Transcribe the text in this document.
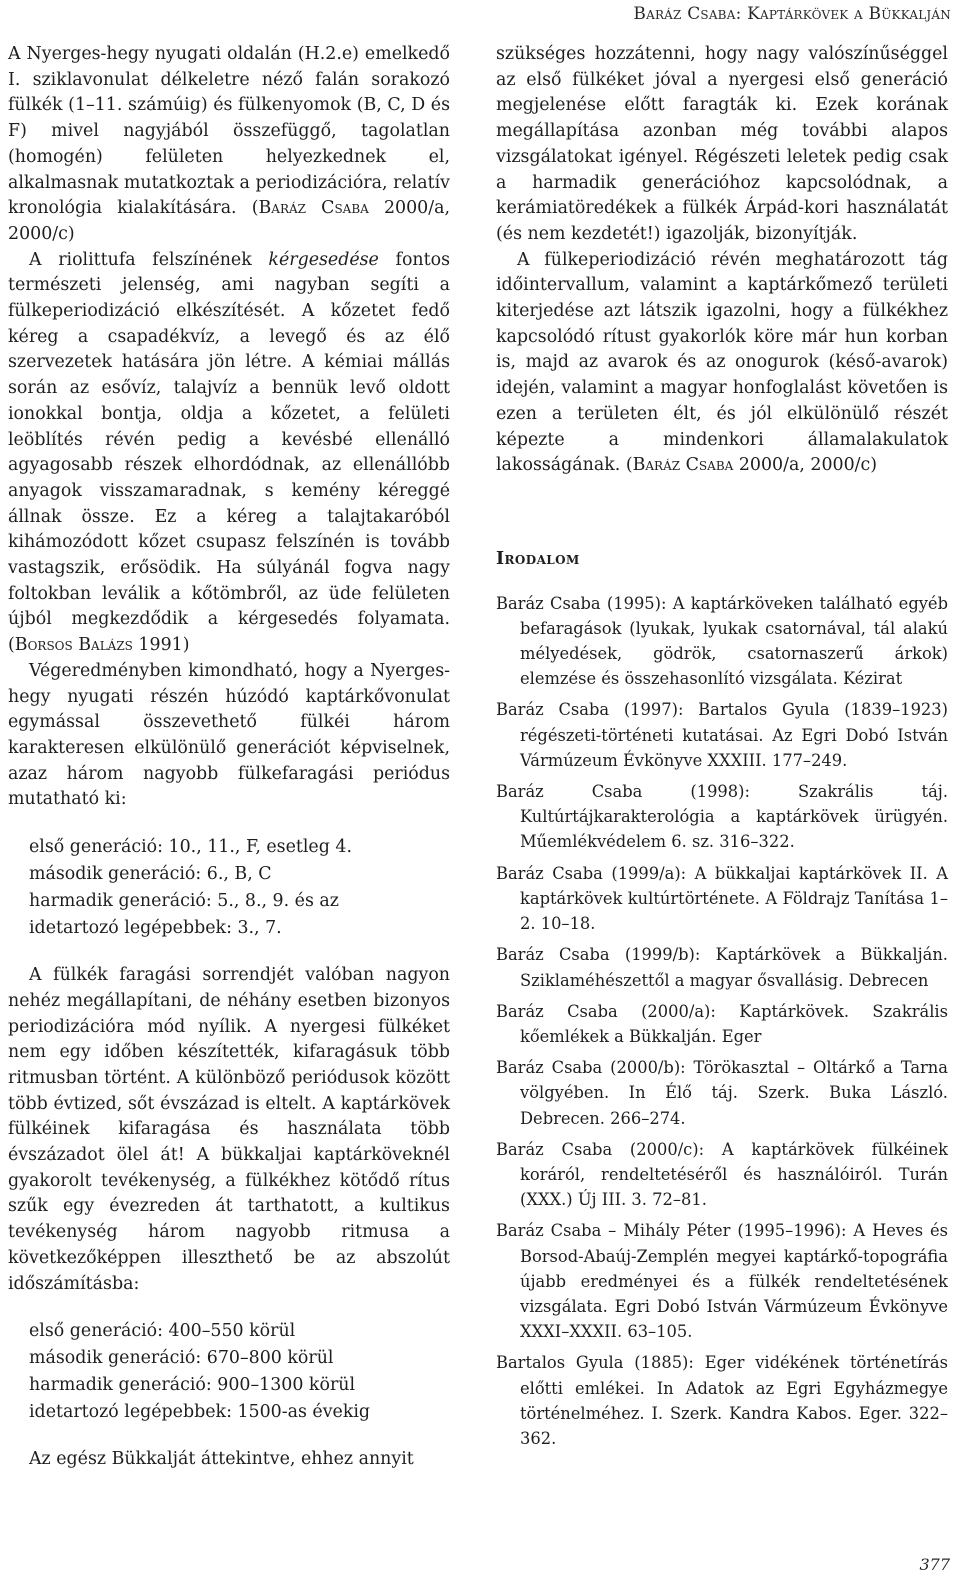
Baráz Csaba: Kaptárkövek a Bükkalján

A Nyerges-hegy nyugati oldalán (H.2.e) emelkedő I. sziklavonulat délkeletre néző falán sorakozó fülkék (1–11. számúig) és fülkenyomok (B, C, D és F) mivel nagyjából összefüggő, tagolatlan (homogén) felületen helyezkednek el, alkalmasnak mutatkoztak a periodizációra, relatív kronológia kialakítására. (Baráz Csaba 2000/a, 2000/c)

A riolittufa felszínének kérgesedése fontos természeti jelenség, ami nagyban segíti a fülkeperiodizáció elkészítését. A kőzetet fedő kéreg a csapadékvíz, a levegő és az élő szervezetek hatására jön létre. A kémiai mállás során az esővíz, talajvíz a bennük levő oldott ionokkal bontja, oldja a kőzetet, a felületi leöblítés révén pedig a kevésbé ellenálló agyagosabb részek elhordódnak, az ellenállóbb anyagok visszamaradnak, s kemény kéreggé állnak össze. Ez a kéreg a talajtakaróból kihámozódott kőzet csupasz felszínén is tovább vastagszik, erősödik. Ha súlyánál fogva nagy foltokban leválik a kőtömbről, az üde felületen újból megkezdődik a kérgesedés folyamata. (Borsos Balázs 1991)

Végeredményben kimondható, hogy a Nyerges-hegy nyugati részén húzódó kaptárkővonulat egymással összevethető fülkéi három karakteresen elkülönülő generációt képviselnek, azaz három nagyobb fülkefaragási periódus mutatható ki:

első generáció: 10., 11., F, esetleg 4.
második generáció: 6., B, C
harmadik generáció: 5., 8., 9. és az
idetartozó legépebbek: 3., 7.

A fülkék faragási sorrendjét valóban nagyon nehéz megállapítani, de néhány esetben bizonyos periodizációra mód nyílik. A nyergesi fülkéket nem egy időben készítették, kifaragásuk több ritmusban történt. A különböző periódusok között több évtized, sőt évszázad is eltelt. A kaptárkövek fülkéinek kifaragása és használata több évszázadot ölel át! A bükkaljai kaptárköveknél gyakorolt tevékenység, a fülkékhez kötődő rítus szűk egy évezreden át tarthatott, a kultikus tevékenység három nagyobb ritmusa a következőképpen illeszthető be az abszolút időszámításba:

első generáció: 400–550 körül
második generáció: 670–800 körül
harmadik generáció: 900–1300 körül
idetartozó legépebbek: 1500-as évekig

Az egész Bükkalját áttekintve, ehhez annyit

szükséges hozzátenni, hogy nagy valószínűséggel az első fülkéket jóval a nyergesi első generáció megjelenése előtt faragták ki. Ezek korának megállapítása azonban még további alapos vizsgálatokat igényel. Régészeti leletek pedig csak a harmadik generációhoz kapcsolódnak, a kerámiatöredékek a fülkék Árpád-kori használatát (és nem kezdetét!) igazolják, bizonyítják.

A fülkeperiodizáció révén meghatározott tág időintervallum, valamint a kaptárkőmező területi kiterjedése azt látszik igazolni, hogy a fülkékhez kapcsolódó rítust gyakorlók köre már hun korban is, majd az avarok és az onogurok (késő-avarok) idején, valamint a magyar honfoglalást követően is ezen a területen élt, és jól elkülönülő részét képezte a mindenkori államalakulatok lakosságának. (Baráz Csaba 2000/a, 2000/c)

Irodalom
Baráz Csaba (1995): A kaptárköveken található egyéb befaragások (lyukak, lyukak csatornával, tál alakú mélyedések, gödrök, csatornaszerű árkok) elemzése és összehasonlító vizsgálata. Kézirat
Baráz Csaba (1997): Bartalos Gyula (1839–1923) régészeti-történeti kutatásai. Az Egri Dobó István Vármúzeum Évkönyve XXXIII. 177–249.
Baráz Csaba (1998): Szakrális táj. Kultúrtájkarakterológia a kaptárkövek ürügyén. Műemlékvédelem 6. sz. 316–322.
Baráz Csaba (1999/a): A bükkaljai kaptárkövek II. A kaptárkövek kultúrtörténete. A Földrajz Tanítása 1–2. 10–18.
Baráz Csaba (1999/b): Kaptárkövek a Bükkalján. Sziklaméhészettől a magyar ősvallásig. Debrecen
Baráz Csaba (2000/a): Kaptárkövek. Szakrális kőemlékek a Bükkalján. Eger
Baráz Csaba (2000/b): Törökasztal – Oltárkő a Tarna völgyében. In Élő táj. Szerk. Buka László. Debrecen. 266–274.
Baráz Csaba (2000/c): A kaptárkövek fülkéinek koráról, rendeltetéséről és használóiról. Turán (XXX.) Új III. 3. 72–81.
Baráz Csaba – Mihály Péter (1995–1996): A Heves és Borsod-Abaúj-Zemplén megyei kaptárkő-topográfia újabb eredményei és a fülkék rendeltetésének vizsgálata. Egri Dobó István Vármúzeum Évkönyve XXXI–XXXII. 63–105.
Bartalos Gyula (1885): Eger vidékének történetírás előtti emlékei. In Adatok az Egri Egyházmegye történelméhez. I. Szerk. Kandra Kabos. Eger. 322–362.
377
